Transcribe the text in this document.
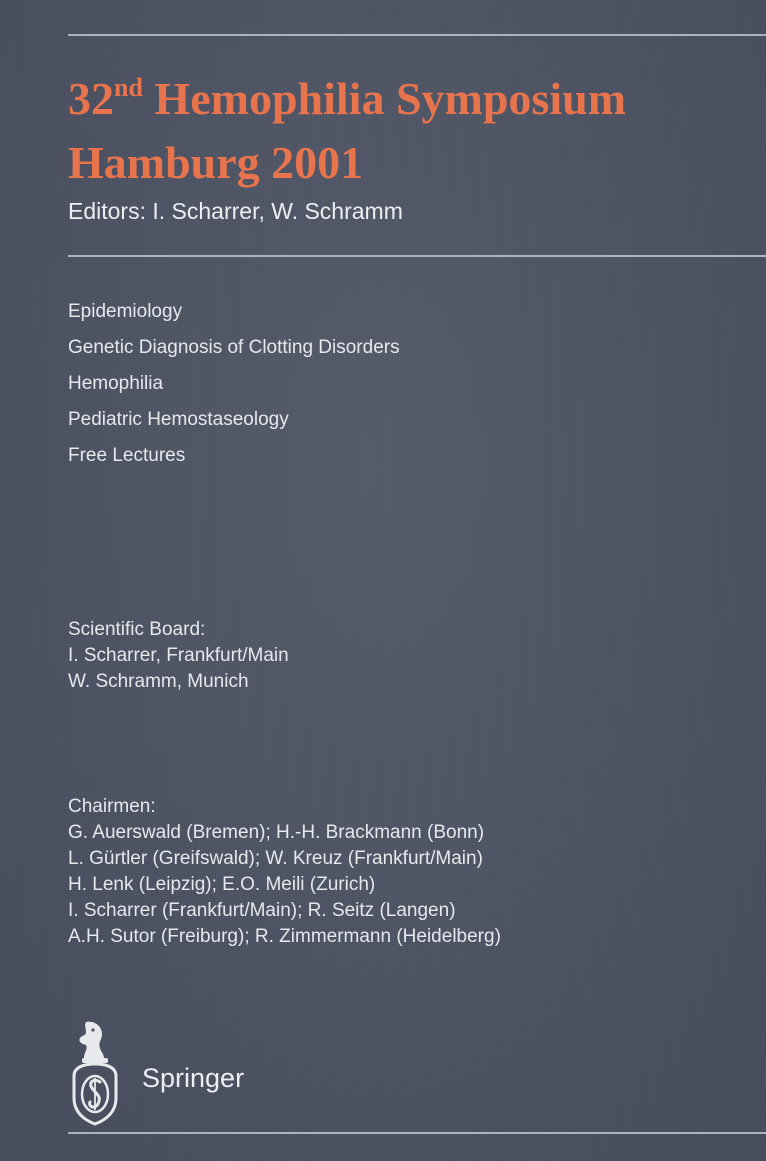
32nd Hemophilia Symposium
Hamburg 2001
Editors: I. Scharrer, W. Schramm
Epidemiology
Genetic Diagnosis of Clotting Disorders
Hemophilia
Pediatric Hemostaseology
Free Lectures
Scientific Board:
I. Scharrer, Frankfurt/Main
W. Schramm, Munich
Chairmen:
G. Auerswald (Bremen); H.-H. Brackmann (Bonn)
L. Gürtler (Greifswald); W. Kreuz (Frankfurt/Main)
H. Lenk (Leipzig); E.O. Meili (Zurich)
I. Scharrer (Frankfurt/Main); R. Seitz (Langen)
A.H. Sutor (Freiburg); R. Zimmermann (Heidelberg)
Springer
